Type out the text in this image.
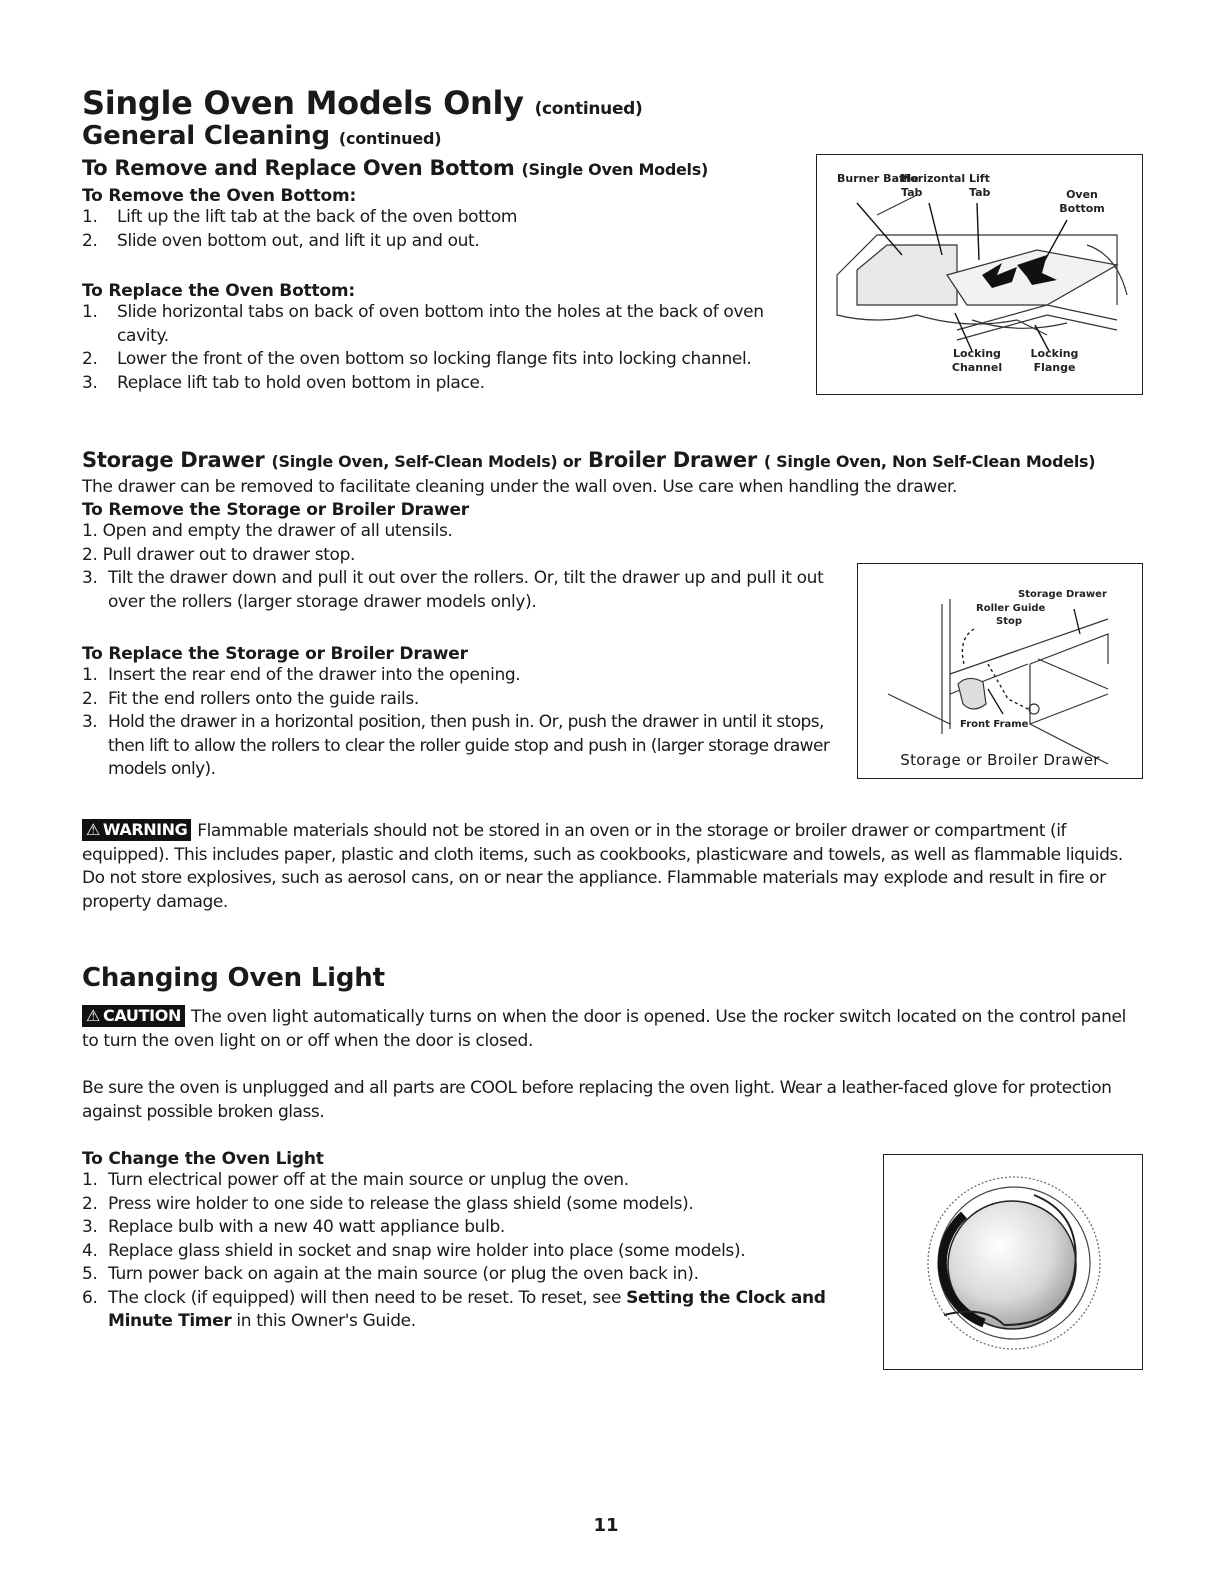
Single Oven Models Only (continued)
General Cleaning (continued)
To Remove and Replace Oven Bottom (Single Oven Models)
To Remove the Oven Bottom:
1. Lift up the lift tab at the back of the oven bottom
2. Slide oven bottom out, and lift it up and out.
To Replace the Oven Bottom:
1. Slide horizontal tabs on back of oven bottom into the holes at the back of oven cavity.
2. Lower the front of the oven bottom so locking flange fits into locking channel.
3. Replace lift tab to hold oven bottom in place.
Burner Baffle
Horizontal Tab
Lift Tab	Oven Bottom
Locking Channel
Locking Flange
Storage Drawer (Single Oven, Self-Clean Models) or Broiler Drawer ( Single Oven, Non Self-Clean Models)
The drawer can be removed to facilitate cleaning under the wall oven. Use care when handling the drawer.
To Remove the Storage or Broiler Drawer
1. Open and empty the drawer of all utensils.
2. Pull drawer out to drawer stop.
3. Tilt the drawer down and pull it out over the rollers. Or, tilt the drawer up and pull it out over the rollers (larger storage drawer models only).
To Replace the Storage or Broiler Drawer
1. Insert the rear end of the drawer into the opening.
2. Fit the end rollers onto the guide rails.
3. Hold the drawer in a horizontal position, then push in. Or, push the drawer in until it stops, then lift to allow the rollers to clear the roller guide stop and push in (larger storage drawer models only).
Storage Drawer
Roller Guide
Stop
Front Frame
Storage or Broiler Drawer
⚠ WARNING Flammable materials should not be stored in an oven or in the storage or broiler drawer or compartment (if equipped). This includes paper, plastic and cloth items, such as cookbooks, plasticware and towels, as well as flammable liquids. Do not store explosives, such as aerosol cans, on or near the appliance. Flammable materials may explode and result in fire or property damage.
Changing Oven Light
⚠ CAUTION The oven light automatically turns on when the door is opened. Use the rocker switch located on the control panel to turn the oven light on or off when the door is closed.
Be sure the oven is unplugged and all parts are COOL before replacing the oven light. Wear a leather-faced glove for protection against possible broken glass.
To Change the Oven Light
1. Turn electrical power off at the main source or unplug the oven.
2. Press wire holder to one side to release the glass shield (some models).
3. Replace bulb with a new 40 watt appliance bulb.
4. Replace glass shield in socket and snap wire holder into place (some models).
5. Turn power back on again at the main source (or plug the oven back in).
6. The clock (if equipped) will then need to be reset. To reset, see Setting the Clock and Minute Timer in this Owner's Guide.
11
